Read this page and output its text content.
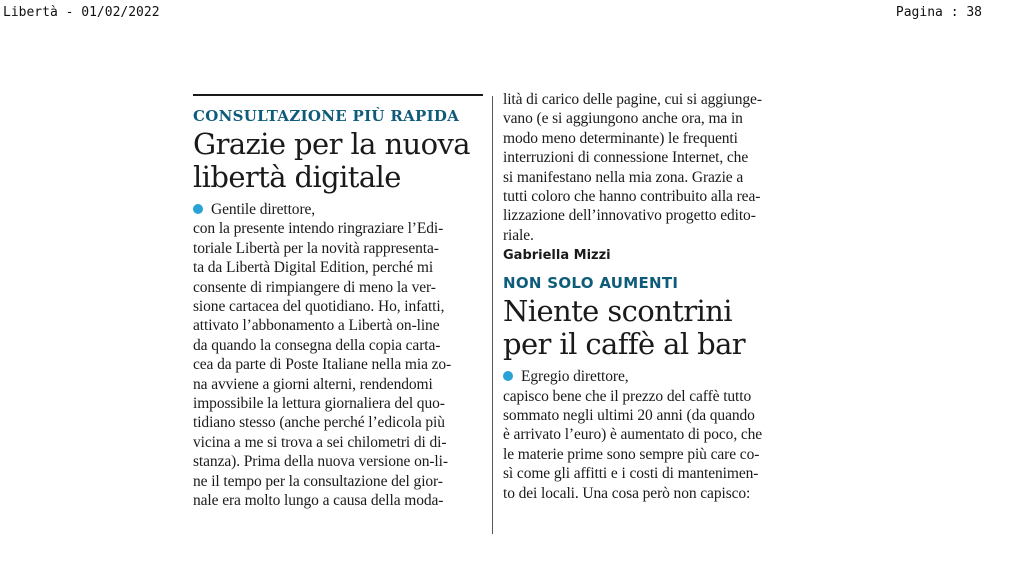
Libertà - 01/02/2022	Pagina : 38

CONSULTAZIONE PIÙ RAPIDA

Grazie per la nuova
libertà digitale
Gentile direttore,
con la presente intendo ringraziare l’Edi-
toriale Libertà per la novità rappresenta-
ta da Libertà Digital Edition, perché mi
consente di rimpiangere di meno la ver-
sione cartacea del quotidiano. Ho, infatti,
attivato l’abbonamento a Libertà on-line
da quando la consegna della copia carta-
cea da parte di Poste Italiane nella mia zo-
na avviene a giorni alterni, rendendomi
impossibile la lettura giornaliera del quo-
tidiano stesso (anche perché l’edicola più
vicina a me si trova a sei chilometri di di-
stanza). Prima della nuova versione on-li-
ne il tempo per la consultazione del gior-
nale era molto lungo a causa della moda-
lità di carico delle pagine, cui si aggiunge-
vano (e si aggiungono anche ora, ma in
modo meno determinante) le frequenti
interruzioni di connessione Internet, che
si manifestano nella mia zona. Grazie a
tutti coloro che hanno contribuito alla rea-
lizzazione dell’innovativo progetto edito-
riale.
Gabriella Mizzi

NON SOLO AUMENTI

Niente scontrini
per il caffè al bar
Egregio direttore,
capisco bene che il prezzo del caffè tutto
sommato negli ultimi 20 anni (da quando
è arrivato l’euro) è aumentato di poco, che
le materie prime sono sempre più care co-
sì come gli affitti e i costi di mantenimen-
to dei locali. Una cosa però non capisco:
